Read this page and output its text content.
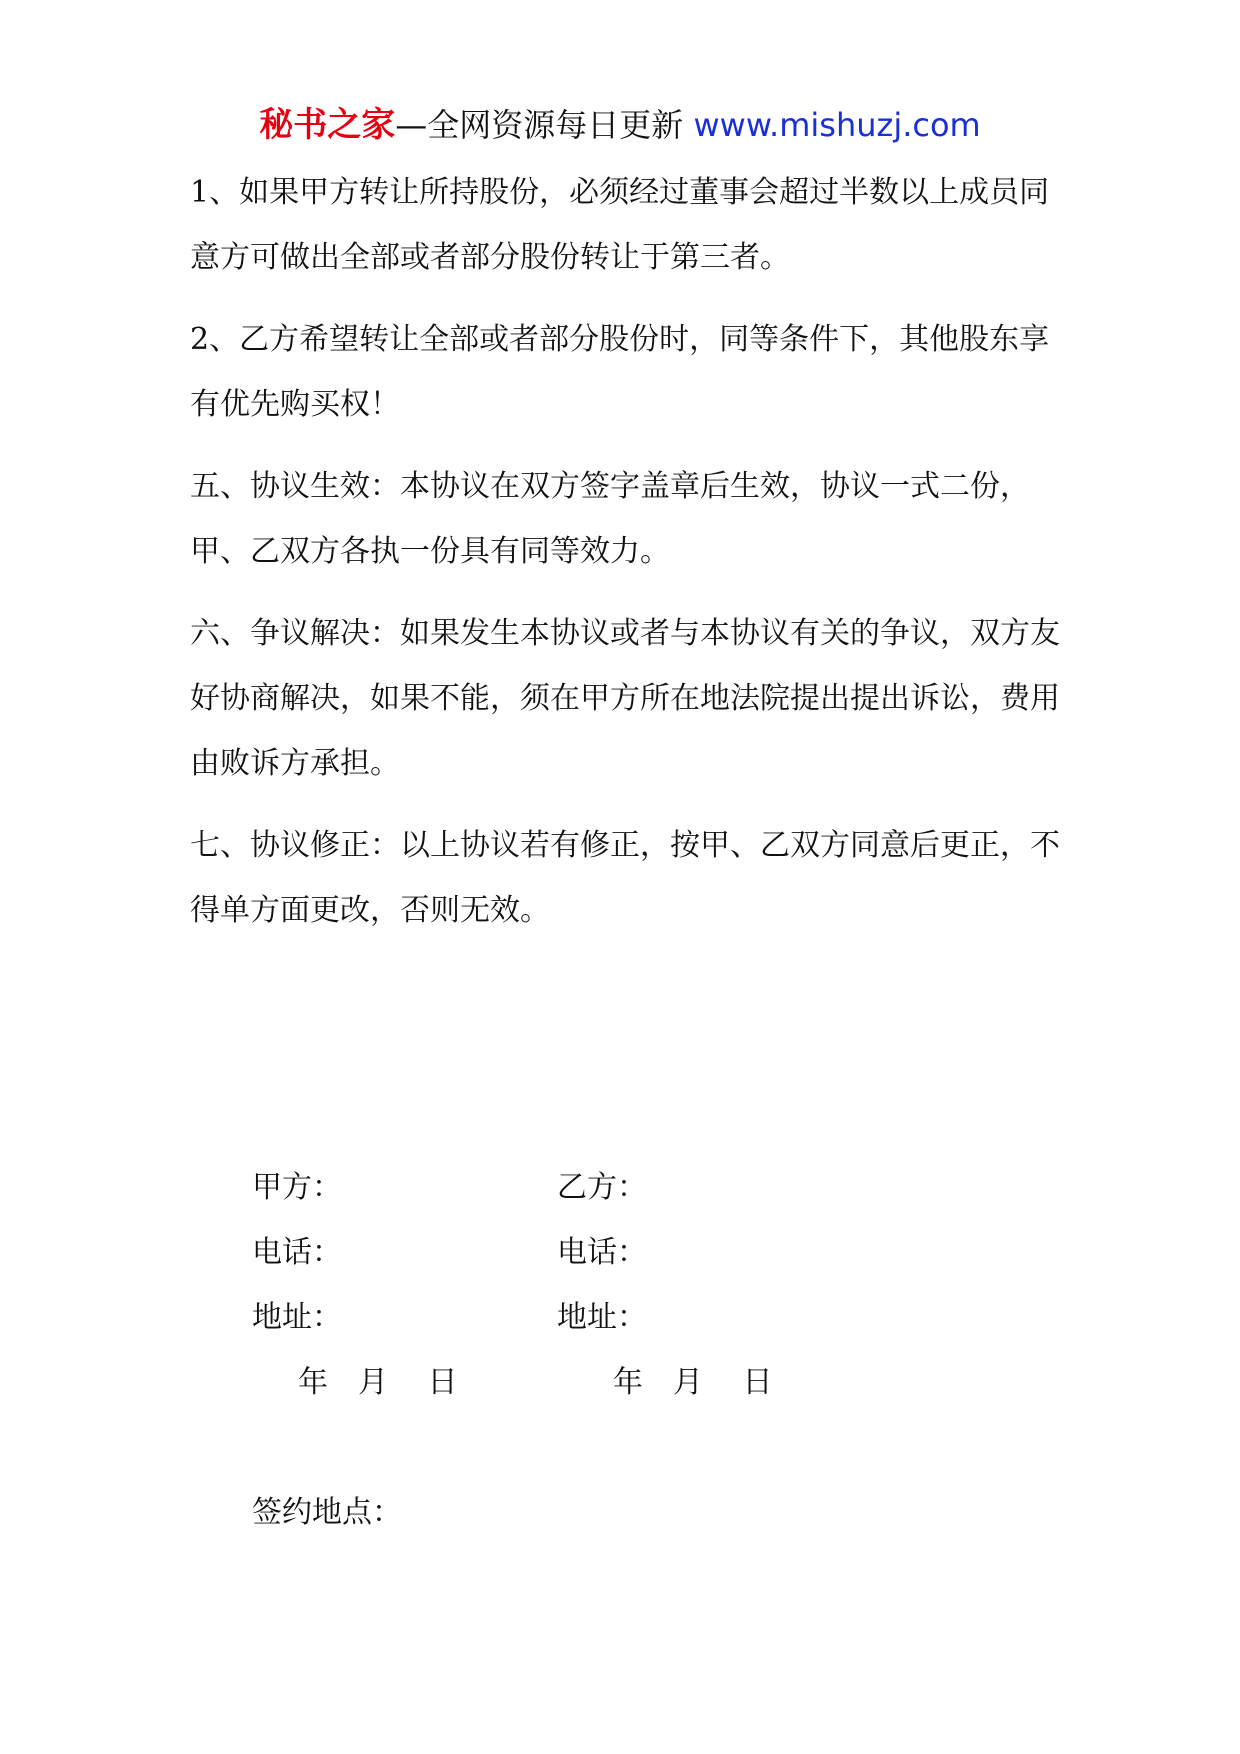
秘书之家—全网资源每日更新 www.mishuzj.com

1、如果甲方转让所持股份，必须经过董事会超过半数以上成员同意方可做出全部或者部分股份转让于第三者。

2、乙方希望转让全部或者部分股份时，同等条件下，其他股东享有优先购买权！

五、协议生效：本协议在双方签字盖章后生效，协议一式二份，甲、乙双方各执一份具有同等效力。

六、争议解决：如果发生本协议或者与本协议有关的争议，双方友好协商解决，如果不能，须在甲方所在地法院提出提出诉讼，费用由败诉方承担。

七、协议修正：以上协议若有修正，按甲、乙双方同意后更正，不得单方面更改，否则无效。

甲方：	乙方：
电话：	电话：
地址：	地址：
年　月　 日	年　月　 日
签约地点：
